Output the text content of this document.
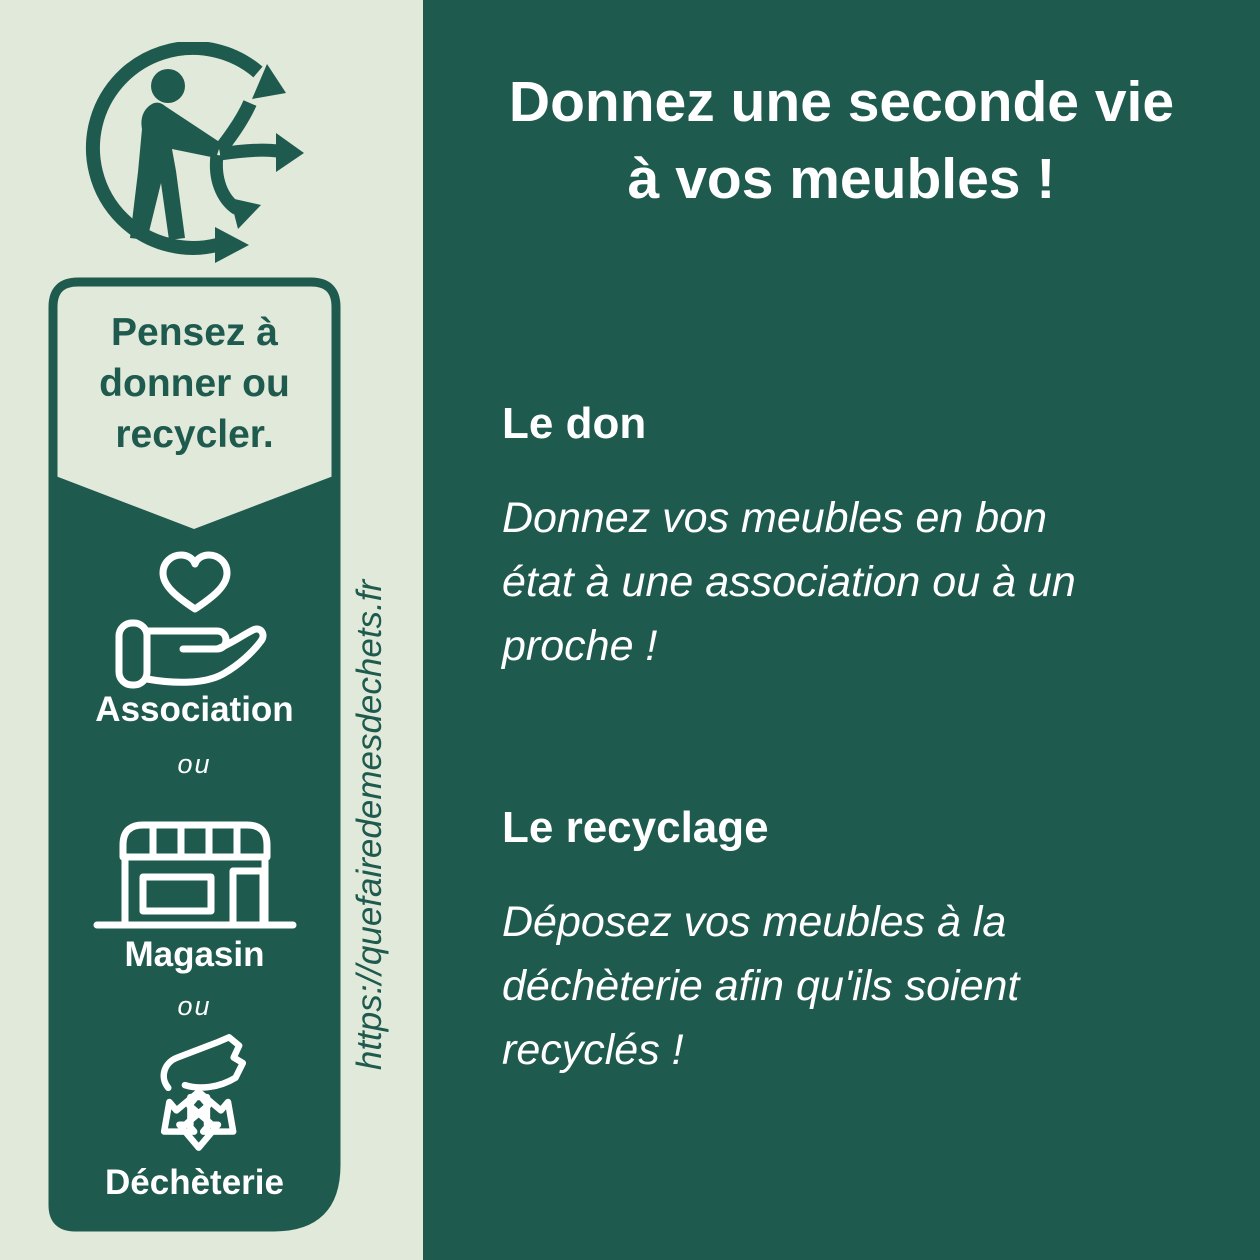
Pensez à
donner ou
recycler.
Association
ou
Magasin
ou
Déchèterie
https://quefairedemesdechets.fr
Donnez une seconde vie
à vos meubles !
Le don
Donnez vos meubles en bon
état à une association ou à un
proche !
Le recyclage
Déposez vos meubles à la
déchèterie afin qu'ils soient
recyclés !
